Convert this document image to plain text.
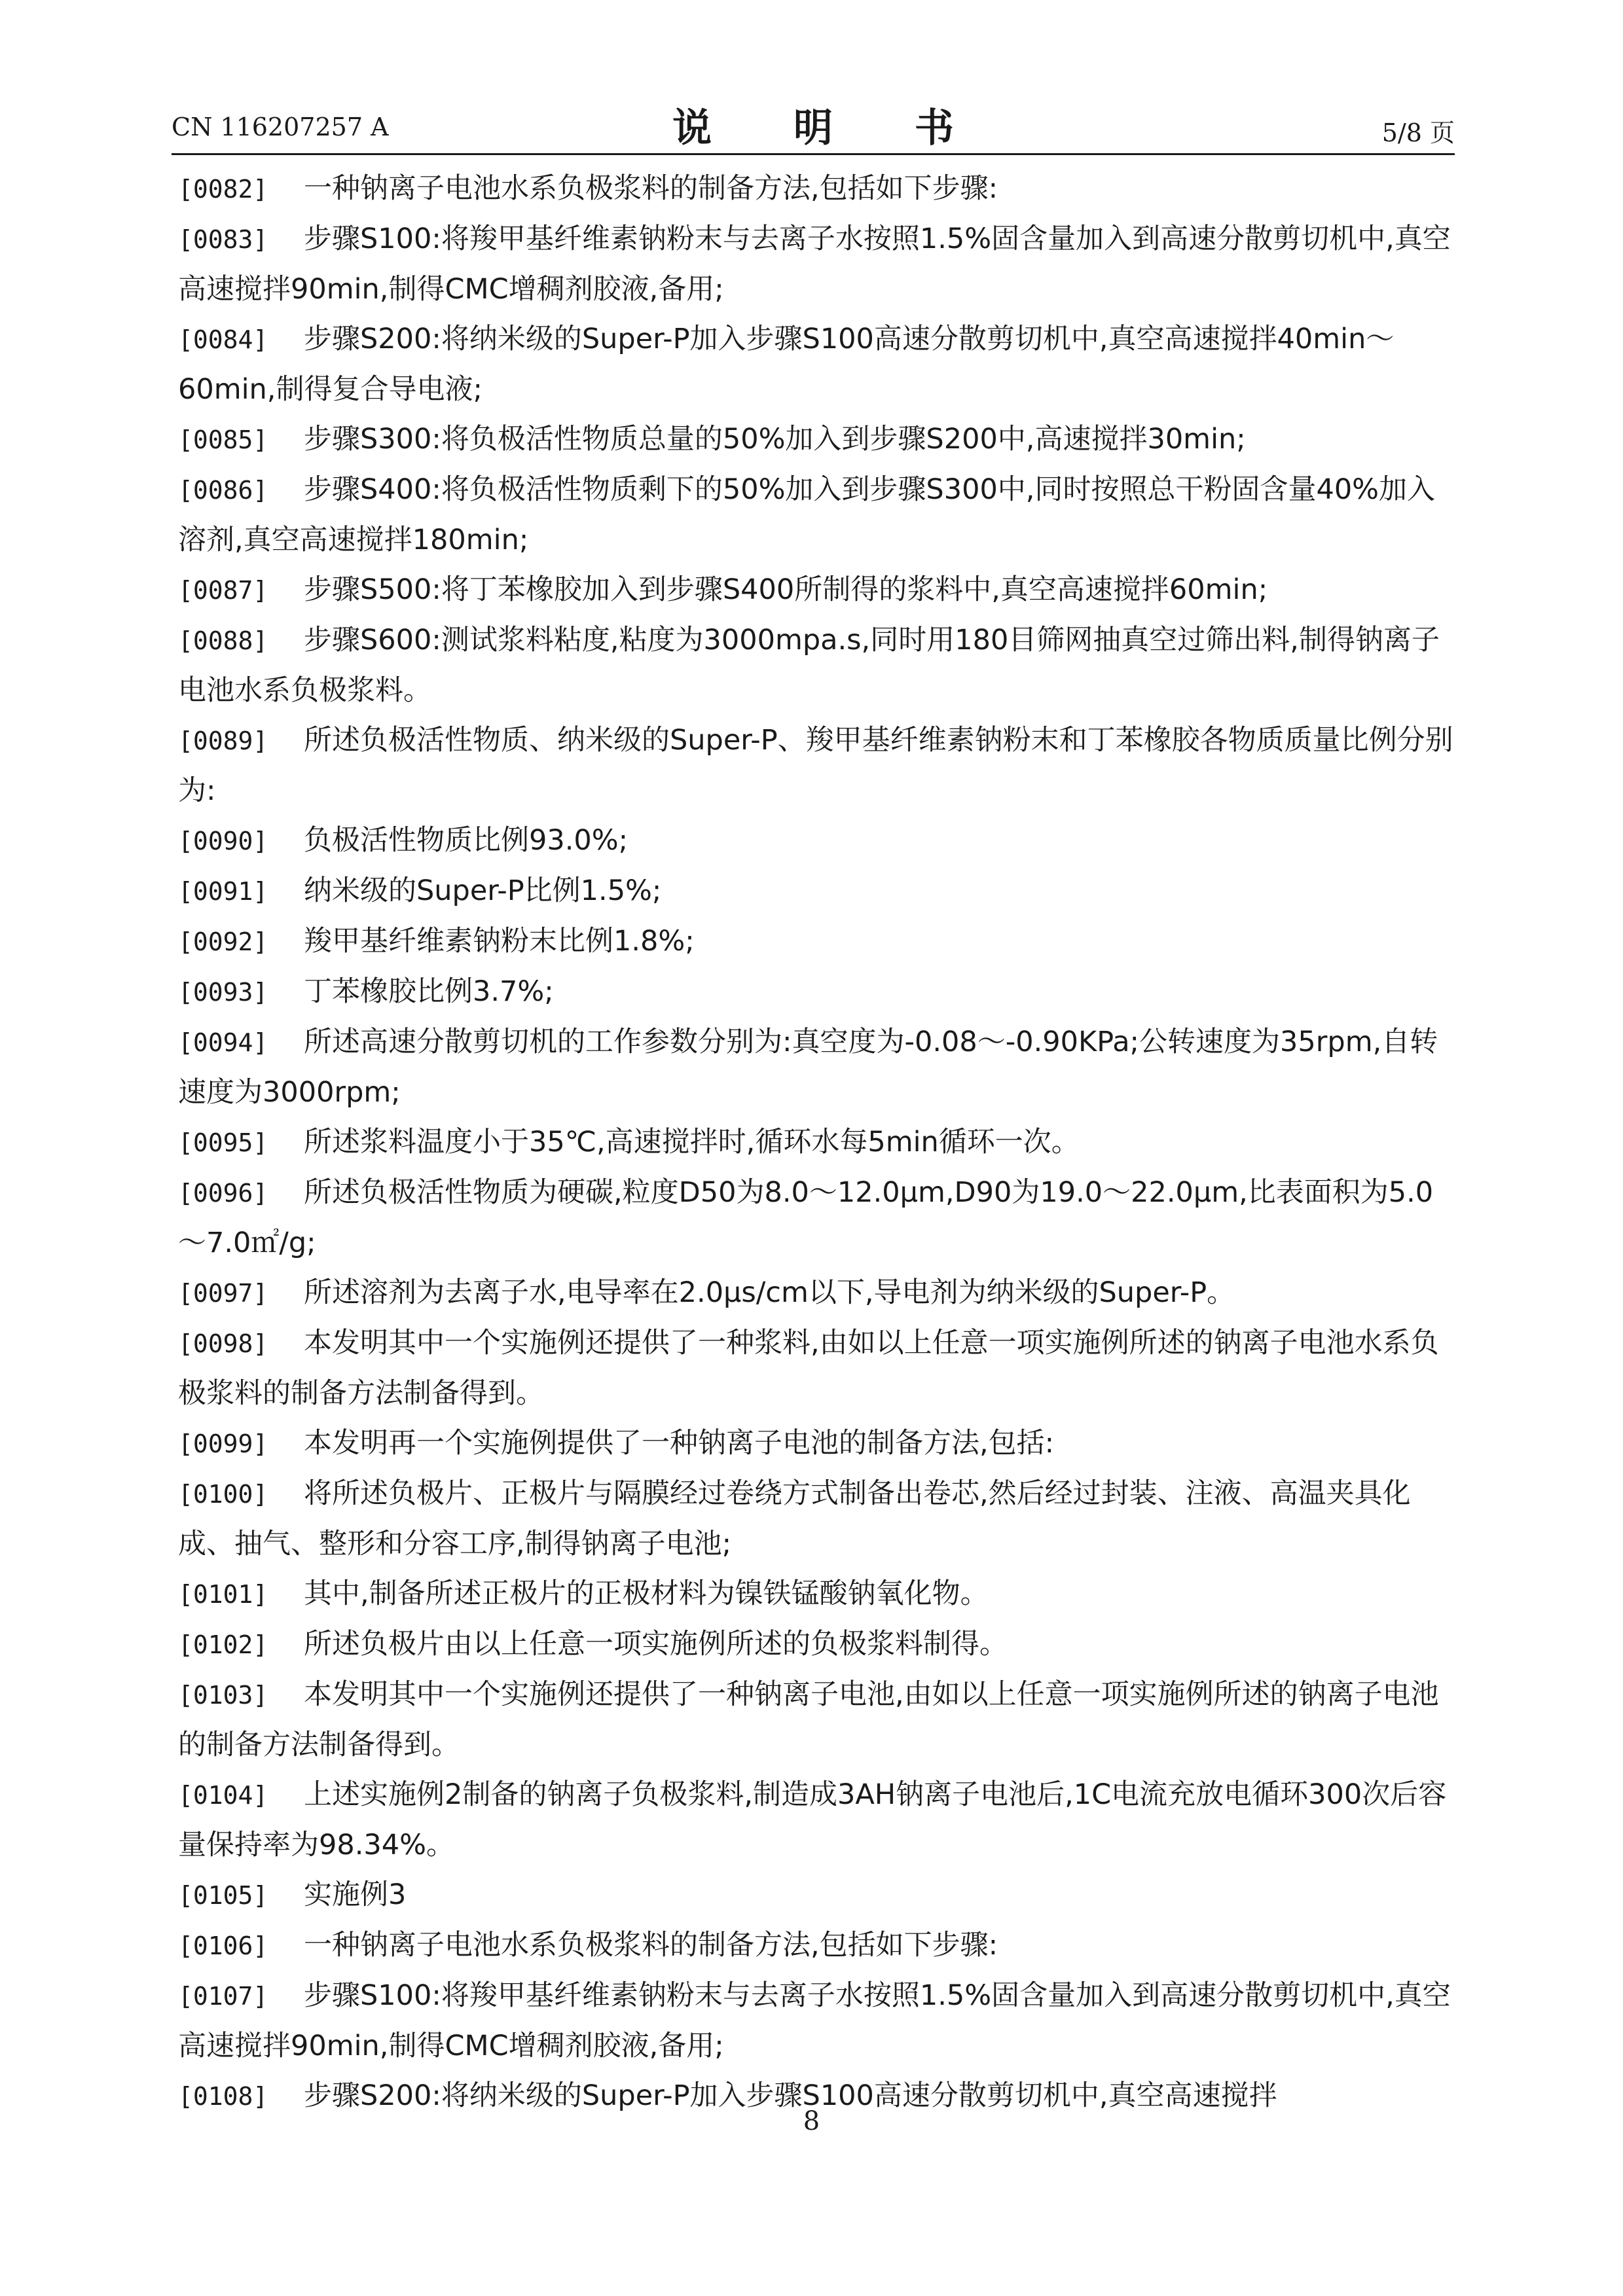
CN 116207257 A	说 明 书	5/8 页
[0082] 一种钠离子电池水系负极浆料的制备方法,包括如下步骤:
[0083] 步骤S100:将羧甲基纤维素钠粉末与去离子水按照1.5%固含量加入到高速分散剪切机中,真空高速搅拌90min,制得CMC增稠剂胶液,备用;
[0084] 步骤S200:将纳米级的Super-P加入步骤S100高速分散剪切机中,真空高速搅拌40min～60min,制得复合导电液;
[0085] 步骤S300:将负极活性物质总量的50%加入到步骤S200中,高速搅拌30min;
[0086] 步骤S400:将负极活性物质剩下的50%加入到步骤S300中,同时按照总干粉固含量40%加入溶剂,真空高速搅拌180min;
[0087] 步骤S500:将丁苯橡胶加入到步骤S400所制得的浆料中,真空高速搅拌60min;
[0088] 步骤S600:测试浆料粘度,粘度为3000mpa.s,同时用180目筛网抽真空过筛出料,制得钠离子电池水系负极浆料。
[0089] 所述负极活性物质、纳米级的Super-P、羧甲基纤维素钠粉末和丁苯橡胶各物质质量比例分别为:
[0090] 负极活性物质比例93.0%;
[0091] 纳米级的Super-P比例1.5%;
[0092] 羧甲基纤维素钠粉末比例1.8%;
[0093] 丁苯橡胶比例3.7%;
[0094] 所述高速分散剪切机的工作参数分别为:真空度为-0.08～-0.90KPa;公转速度为35rpm,自转速度为3000rpm;
[0095] 所述浆料温度小于35℃,高速搅拌时,循环水每5min循环一次。
[0096] 所述负极活性物质为硬碳,粒度D50为8.0～12.0μm,D90为19.0～22.0μm,比表面积为5.0～7.0㎡/g;
[0097] 所述溶剂为去离子水,电导率在2.0μs/cm以下,导电剂为纳米级的Super-P。
[0098] 本发明其中一个实施例还提供了一种浆料,由如以上任意一项实施例所述的钠离子电池水系负极浆料的制备方法制备得到。
[0099] 本发明再一个实施例提供了一种钠离子电池的制备方法,包括:
[0100] 将所述负极片、正极片与隔膜经过卷绕方式制备出卷芯,然后经过封装、注液、高温夹具化成、抽气、整形和分容工序,制得钠离子电池;
[0101] 其中,制备所述正极片的正极材料为镍铁锰酸钠氧化物。
[0102] 所述负极片由以上任意一项实施例所述的负极浆料制得。
[0103] 本发明其中一个实施例还提供了一种钠离子电池,由如以上任意一项实施例所述的钠离子电池的制备方法制备得到。
[0104] 上述实施例2制备的钠离子负极浆料,制造成3AH钠离子电池后,1C电流充放电循环300次后容量保持率为98.34%。
[0105] 实施例3
[0106] 一种钠离子电池水系负极浆料的制备方法,包括如下步骤:
[0107] 步骤S100:将羧甲基纤维素钠粉末与去离子水按照1.5%固含量加入到高速分散剪切机中,真空高速搅拌90min,制得CMC增稠剂胶液,备用;
[0108] 步骤S200:将纳米级的Super-P加入步骤S100高速分散剪切机中,真空高速搅拌
8
